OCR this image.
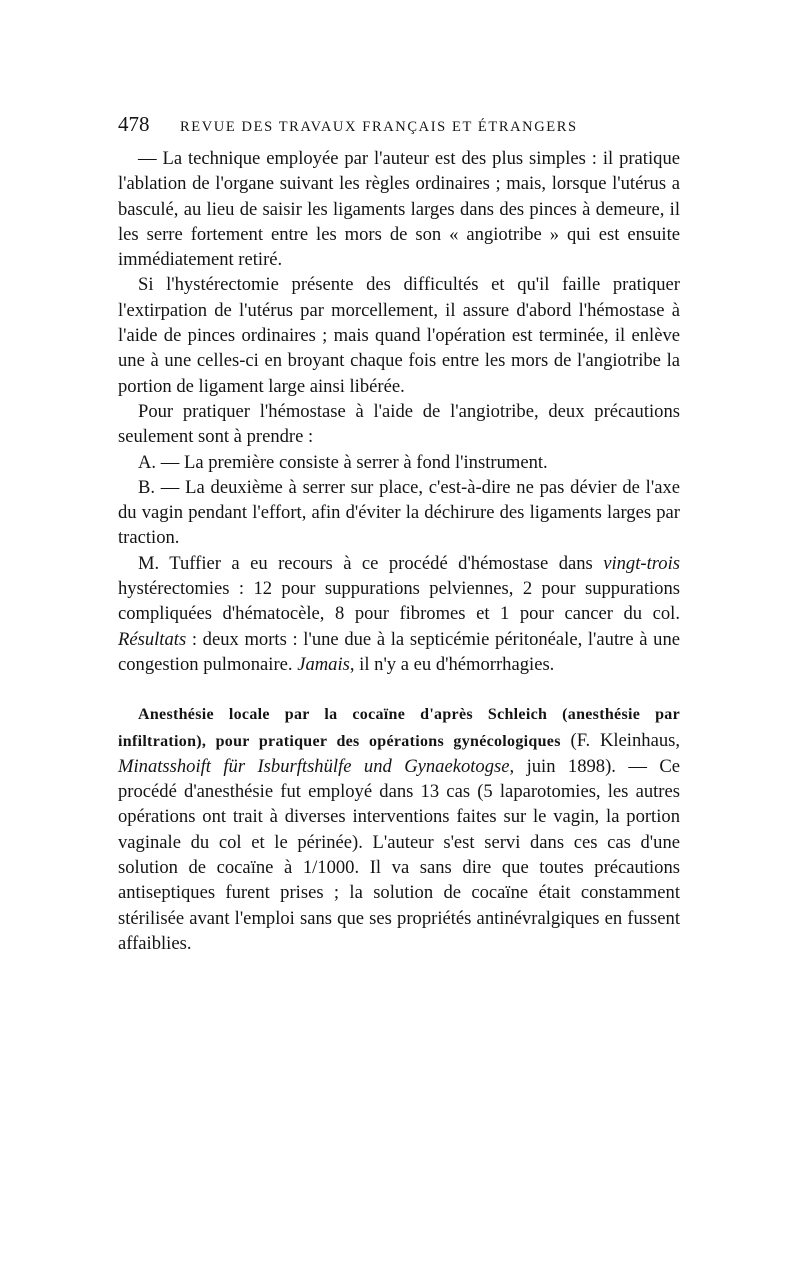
478	REVUE DES TRAVAUX FRANÇAIS ET ÉTRANGERS

— La technique employée par l'auteur est des plus simples : il pratique l'ablation de l'organe suivant les règles ordinaires ; mais, lorsque l'utérus a basculé, au lieu de saisir les ligaments larges dans des pinces à demeure, il les serre fortement entre les mors de son « angiotribe » qui est ensuite immédiatement retiré.

Si l'hystérectomie présente des difficultés et qu'il faille pratiquer l'extirpation de l'utérus par morcellement, il assure d'abord l'hémostase à l'aide de pinces ordinaires ; mais quand l'opération est terminée, il enlève une à une celles-ci en broyant chaque fois entre les mors de l'angiotribe la portion de ligament large ainsi libérée.

Pour pratiquer l'hémostase à l'aide de l'angiotribe, deux précautions seulement sont à prendre :

A. — La première consiste à serrer à fond l'instrument.

B. — La deuxième à serrer sur place, c'est-à-dire ne pas dévier de l'axe du vagin pendant l'effort, afin d'éviter la déchirure des ligaments larges par traction.

M. Tuffier a eu recours à ce procédé d'hémostase dans vingt-trois hystérectomies : 12 pour suppurations pelviennes, 2 pour suppurations compliquées d'hématocèle, 8 pour fibromes et 1 pour cancer du col. Résultats : deux morts : l'une due à la septicémie péritonéale, l'autre à une congestion pulmonaire. Jamais, il n'y a eu d'hémorrhagies.

Anesthésie locale par la cocaïne d'après Schleich (anesthésie par infiltration), pour pratiquer des opérations gynécologiques (F. Kleinhaus, Minatsshoift für Isburftshülfe und Gynaekotogse, juin 1898). — Ce procédé d'anesthésie fut employé dans 13 cas (5 laparotomies, les autres opérations ont trait à diverses interventions faites sur le vagin, la portion vaginale du col et le périnée). L'auteur s'est servi dans ces cas d'une solution de cocaïne à 1/1000. Il va sans dire que toutes précautions antiseptiques furent prises ; la solution de cocaïne était constamment stérilisée avant l'emploi sans que ses propriétés antinévralgiques en fussent affaiblies.
